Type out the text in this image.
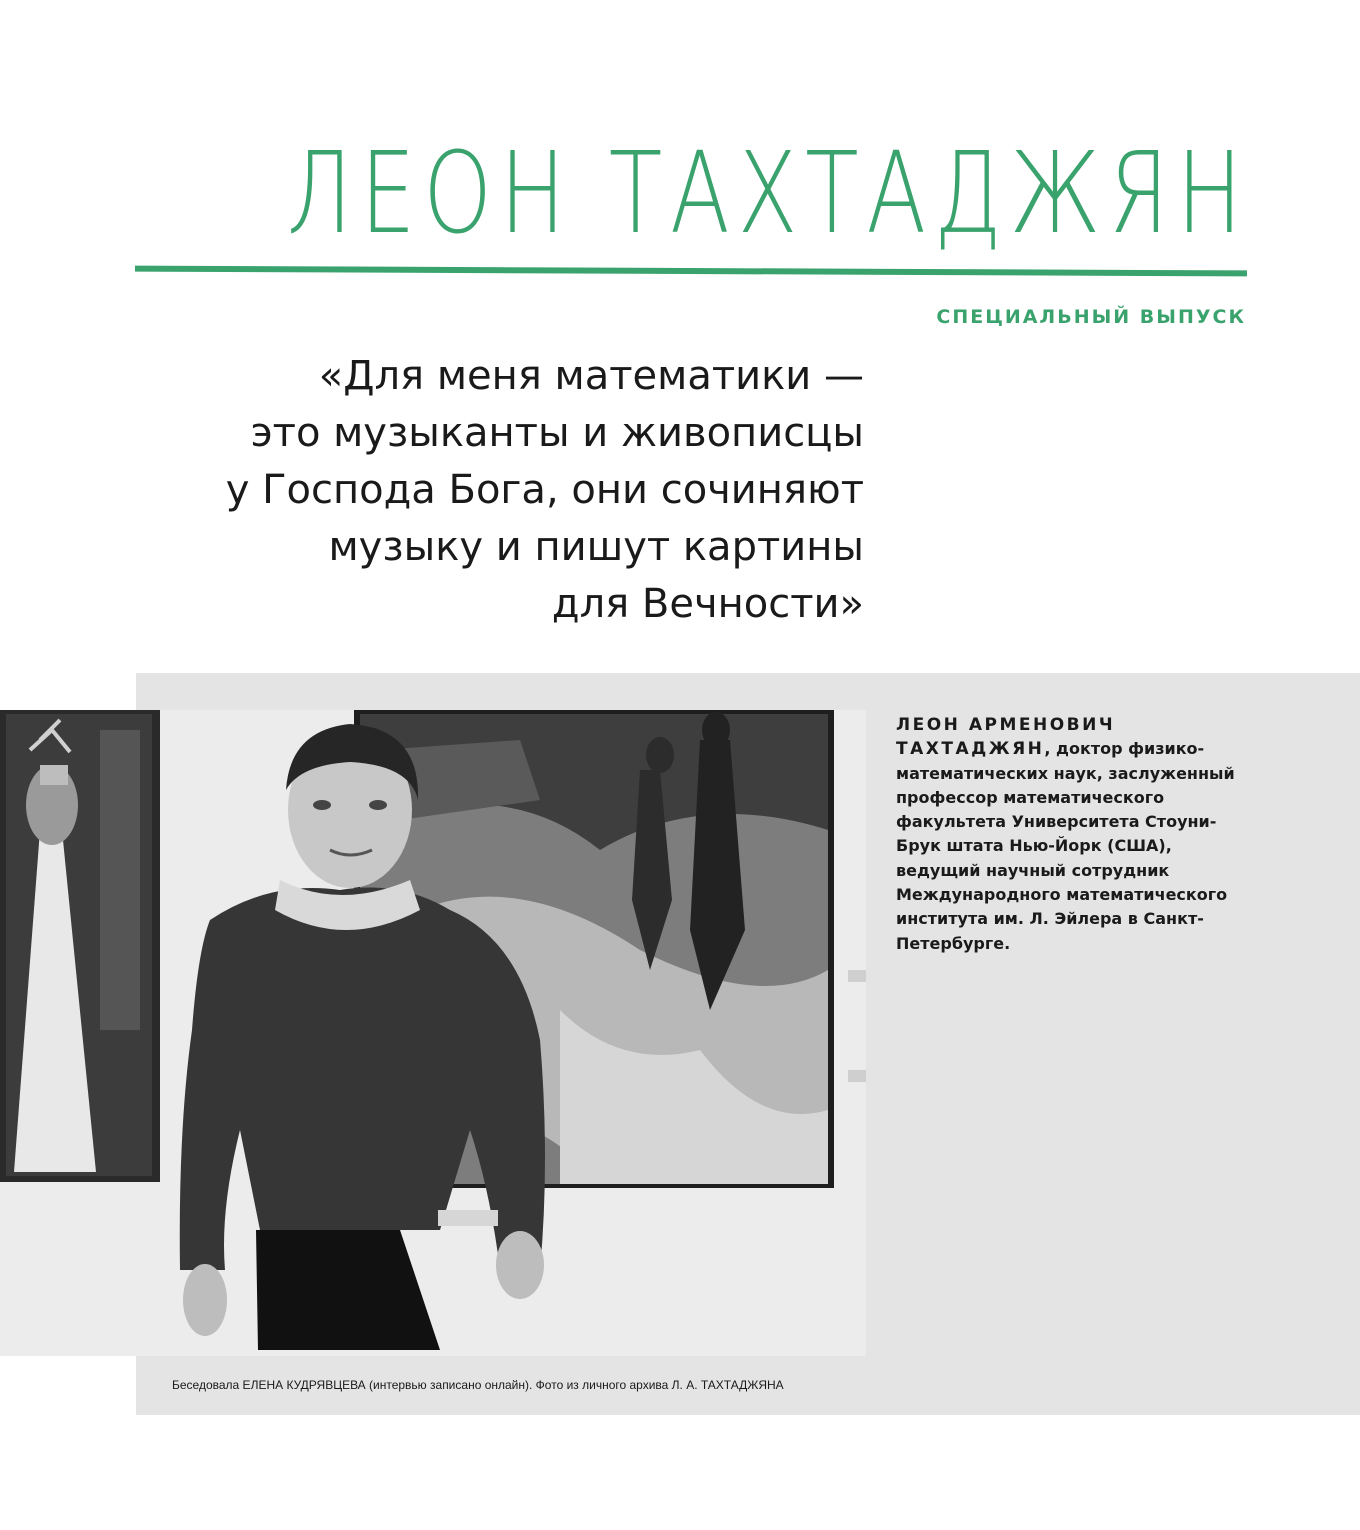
ЛЕОН ТАХТАДЖЯН
СПЕЦИАЛЬНЫЙ ВЫПУСК
«Для меня математики —
это музыканты и живописцы
у Господа Бога, они сочиняют
музыку и пишут картины
для Вечности»
ЛЕОН АРМЕНОВИЧ
ТАХТАДЖЯН, доктор физико-
математических наук, заслуженный
профессор математического
факультета Университета Стоуни-
Брук штата Нью-Йорк (США),
ведущий научный сотрудник
Международного математического
института им. Л. Эйлера в Санкт-
Петербурге.
Беседовала ЕЛЕНА КУДРЯВЦЕВА (интервью записано онлайн). Фото из личного архива Л. А. ТАХТАДЖЯНА
